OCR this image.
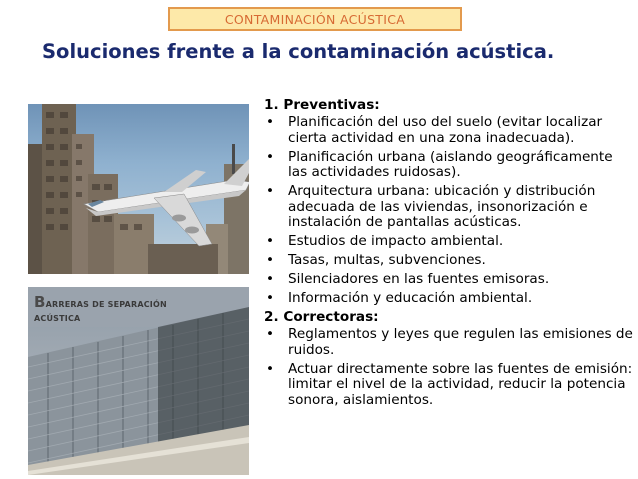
CONTAMINACIÓN ACÚSTICA
Soluciones frente a la contaminación acústica.
BARRERAS DE SEPARACIÓN
ACÚSTICA
1. Preventivas:
• Planificación del uso del suelo (evitar localizar cierta actividad en una zona inadecuada).
• Planificación urbana (aislando geográficamente las actividades ruidosas).
• Arquitectura urbana: ubicación y distribución adecuada de las viviendas, insonorización e instalación de pantallas acústicas.
• Estudios de impacto ambiental.
• Tasas, multas, subvenciones.
• Silenciadores en las fuentes emisoras.
• Información y educación ambiental.
2. Correctoras:
• Reglamentos y leyes que regulen las emisiones de ruidos.
• Actuar directamente sobre las fuentes de emisión: limitar el nivel de la actividad, reducir la potencia sonora, aislamientos.
